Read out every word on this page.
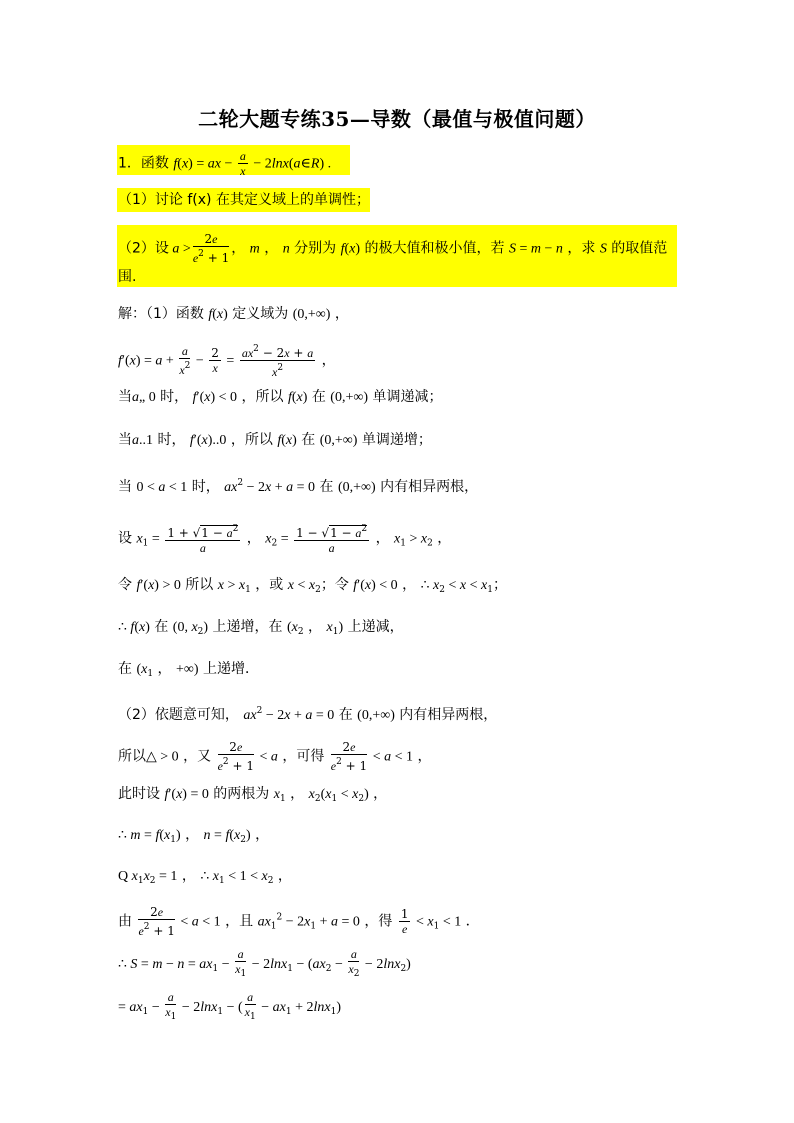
二轮大题专练35—导数（最值与极值问题）
1．函数 f(x) = ax − $\frac{a}{x}$ − 2lnx(a∈R) .
（1）讨论 f(x) 在其定义域上的单调性；
（2）设 $a > \frac{2e}{e^2 + 1}$ ， m ， n 分别为 f(x) 的极大值和极小值，若 S = m − n ，求 S 的取值范
围.
解：（1）函数 f(x) 定义域为 (0,+∞) ，
$f'(x) = a + \frac{a}{x^2} - \frac{2}{x} = \frac{ax^2 - 2x + a}{x^2}$ ，
当a„ 0 时， f′(x) < 0 ，所以 f(x) 在 (0,+∞) 单调递减；
当a..1 时， f′(x)..0 ，所以 f(x) 在 (0,+∞) 单调递增；
当 0 < a < 1 时， $ax^2 - 2x + a = 0$ 在 (0,+∞) 内有相异两根，
设 $x_1 = \frac{1 + √1 - a^2}{a}$ ， $x_2 = \frac{1 - √1 - a^2}{a}$ ， $x_1 > x_2$ ，
令 f′(x) > 0 所以 $x > x_1$ ，或 $x < x_2$；令 f′(x) < 0 ， ∴ $x_2 < x < x_1$；
∴ f(x) 在 (0, $x_2$) 上递增，在 ($x_2$ ， $x_1$) 上递减，
在 ($x_1$ ， +∞) 上递增．
（2）依题意可知， $ax^2 - 2x + a = 0$ 在 (0,+∞) 内有相异两根，
所以△ > 0 ，又 $\frac{2e}{e^2 + 1} < a$ ，可得 $\frac{2e}{e^2 + 1} < a < 1$ ，
此时设 f′(x) = 0 的两根为 $x_1$ ， $x_2(x_1 < x_2)$ ，
∴ $m = f(x_1)$ ， $n = f(x_2)$ ，
Q $x_1x_2 = 1$ ， ∴ $x_1 < 1 < x_2$ ，
由 $\frac{2e}{e^2 + 1} < a < 1$ ，且 $ax_1^2 - 2x_1 + a = 0$ ，得 $\frac{1}{e} < x_1 < 1$ ．
∴ $S = m - n = ax_1 - \frac{a}{x_1} - 2\ln x_1 - (ax_2 - \frac{a}{x_2} - 2\ln x_2)$
= $ax_1 - \frac{a}{x_1} - 2\ln x_1$ − ( $\frac{a}{x_1} - ax_1 + 2\ln x_1$)
